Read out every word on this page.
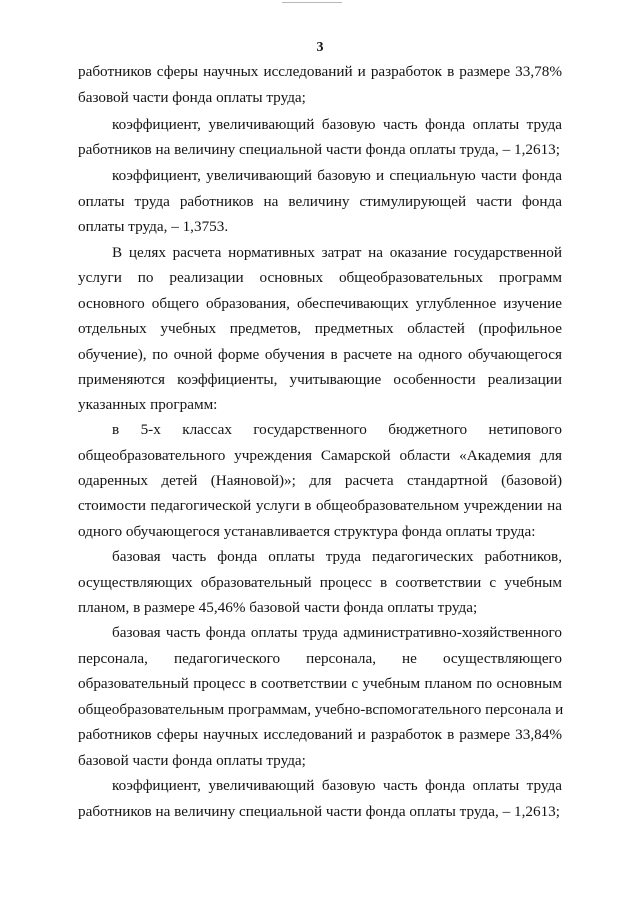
3
работников сферы научных исследований и разработок в размере 33,78%
базовой части фонда оплаты труда;
коэффициент, увеличивающий базовую часть фонда оплаты труда
работников на величину специальной части фонда оплаты труда, – 1,2613;
коэффициент, увеличивающий базовую и специальную части фонда
оплаты труда работников на величину стимулирующей части фонда
оплаты труда, – 1,3753.
В целях расчета нормативных затрат на оказание государственной
услуги по реализации основных общеобразовательных программ
основного общего образования, обеспечивающих углубленное изучение
отдельных учебных предметов, предметных областей (профильное
обучение), по очной форме обучения в расчете на одного обучающегося
применяются коэффициенты, учитывающие особенности реализации
указанных программ:
в 5-х классах государственного бюджетного нетипового
общеобразовательного учреждения Самарской области «Академия для
одаренных детей (Наяновой)»; для расчета стандартной (базовой)
стоимости педагогической услуги в общеобразовательном учреждении на
одного обучающегося устанавливается структура фонда оплаты труда:
базовая часть фонда оплаты труда педагогических работников,
осуществляющих образовательный процесс в соответствии с учебным
планом, в размере 45,46% базовой части фонда оплаты труда;
базовая часть фонда оплаты труда административно-хозяйственного
персонала, педагогического персонала, не осуществляющего
образовательный процесс в соответствии с учебным планом по основным
общеобразовательным программам, учебно-вспомогательного персонала и
работников сферы научных исследований и разработок в размере 33,84%
базовой части фонда оплаты труда;
коэффициент, увеличивающий базовую часть фонда оплаты труда
работников на величину специальной части фонда оплаты труда, – 1,2613;
